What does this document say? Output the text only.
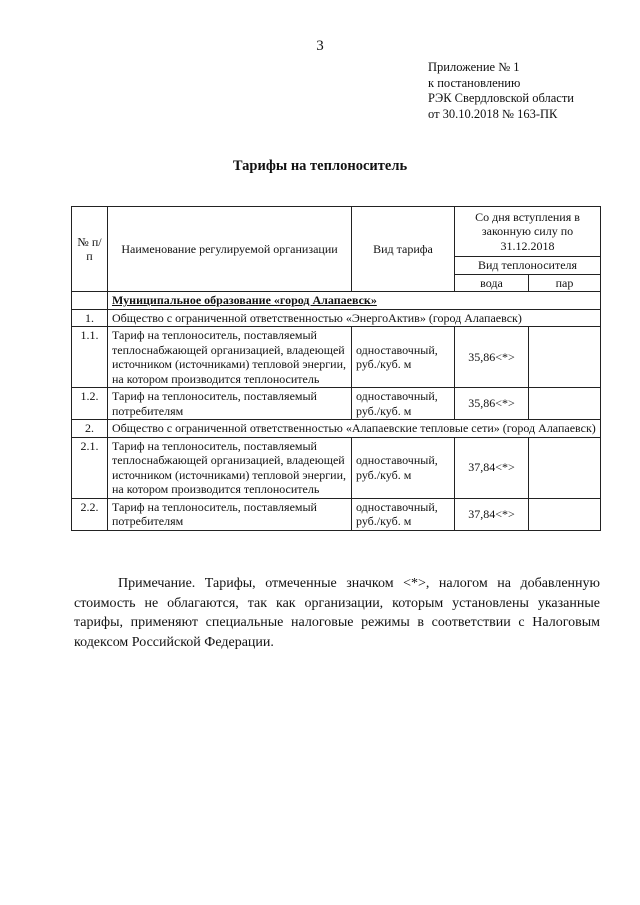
3
Приложение № 1
к постановлению
РЭК Свердловской области
от 30.10.2018 № 163-ПК
Тарифы на теплоноситель
№ п/п	Наименование регулируемой организации	Вид тарифа	Со дня вступления в законную силу по 31.12.2018	
			Вид теплоносителя	
			вода	пар
	Муниципальное образование «город Алапаевск»			
1.	Общество с ограниченной ответственностью «ЭнергоАктив» (город Алапаевск)			
1.1.	Тариф на теплоноситель, поставляемый теплоснабжающей организацией, владеющей источником (источниками) тепловой энергии, на котором производится теплоноситель	одноставочный, руб./куб. м	35,86<*>	
1.2.	Тариф на теплоноситель, поставляемый потребителям	одноставочный, руб./куб. м	35,86<*>	
2.	Общество с ограниченной ответственностью «Алапаевские тепловые сети» (город Алапаевск)			
2.1.	Тариф на теплоноситель, поставляемый теплоснабжающей организацией, владеющей источником (источниками) тепловой энергии, на котором производится теплоноситель	одноставочный, руб./куб. м	37,84<*>	
2.2.	Тариф на теплоноситель, поставляемый потребителям	одноставочный, руб./куб. м	37,84<*>	
Примечание. Тарифы, отмеченные значком <*>, налогом на добавленную стоимость не облагаются, так как организации, которым установлены указанные тарифы, применяют специальные налоговые режимы в соответствии с Налоговым кодексом Российской Федерации.
